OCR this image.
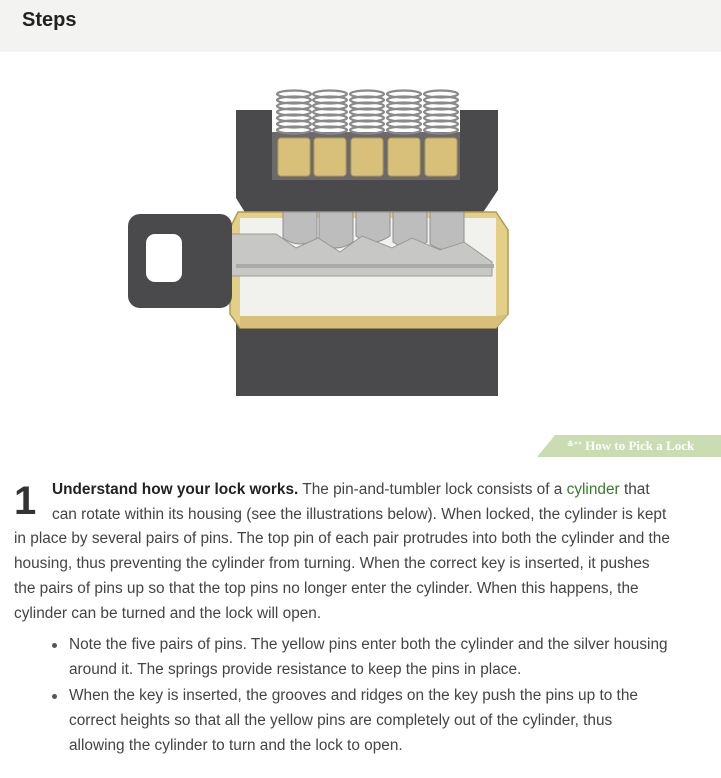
Steps
≛⁺⁺ How to Pick a Lock
1 Understand how your lock works. The pin-and-tumbler lock consists of a cylinder that can rotate within its housing (see the illustrations below). When locked, the cylinder is kept in place by several pairs of pins. The top pin of each pair protrudes into both the cylinder and the housing, thus preventing the cylinder from turning. When the correct key is inserted, it pushes the pairs of pins up so that the top pins no longer enter the cylinder. When this happens, the cylinder can be turned and the lock will open.
Note the five pairs of pins. The yellow pins enter both the cylinder and the silver housing around it. The springs provide resistance to keep the pins in place.
When the key is inserted, the grooves and ridges on the key push the pins up to the correct heights so that all the yellow pins are completely out of the cylinder, thus allowing the cylinder to turn and the lock to open.
